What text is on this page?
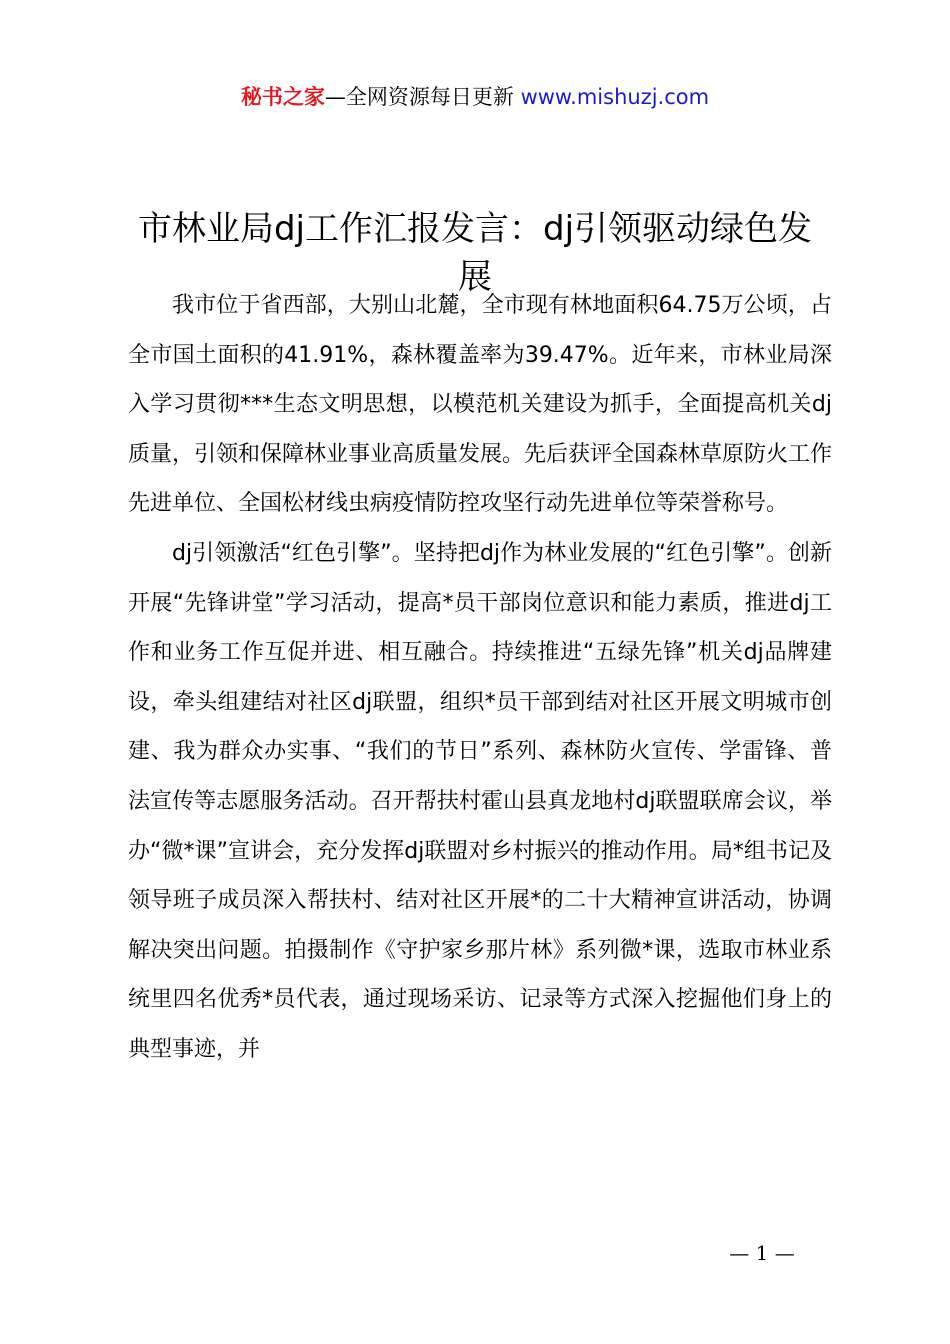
秘书之家—全网资源每日更新 www.mishuzj.com
市林业局dj工作汇报发言：dj引领驱动绿色发展

我市位于省西部，大别山北麓，全市现有林地面积64.75万公顷，占全市国土面积的41.91%，森林覆盖率为39.47%。近年来，市林业局深入学习贯彻***生态文明思想，以模范机关建设为抓手，全面提高机关dj质量，引领和保障林业事业高质量发展。先后获评全国森林草原防火工作先进单位、全国松材线虫病疫情防控攻坚行动先进单位等荣誉称号。

dj引领激活“红色引擎”。坚持把dj作为林业发展的“红色引擎”。创新开展“先锋讲堂”学习活动，提高*员干部岗位意识和能力素质，推进dj工作和业务工作互促并进、相互融合。持续推进“五绿先锋”机关dj品牌建设，牵头组建结对社区dj联盟，组织*员干部到结对社区开展文明城市创建、我为群众办实事、“我们的节日”系列、森林防火宣传、学雷锋、普法宣传等志愿服务活动。召开帮扶村霍山县真龙地村dj联盟联席会议，举办“微*课”宣讲会，充分发挥dj联盟对乡村振兴的推动作用。局*组书记及领导班子成员深入帮扶村、结对社区开展*的二十大精神宣讲活动，协调解决突出问题。拍摄制作《守护家乡那片林》系列微*课，选取市林业系统里四名优秀*员代表，通过现场采访、记录等方式深入挖掘他们身上的典型事迹，并

— 1 —
